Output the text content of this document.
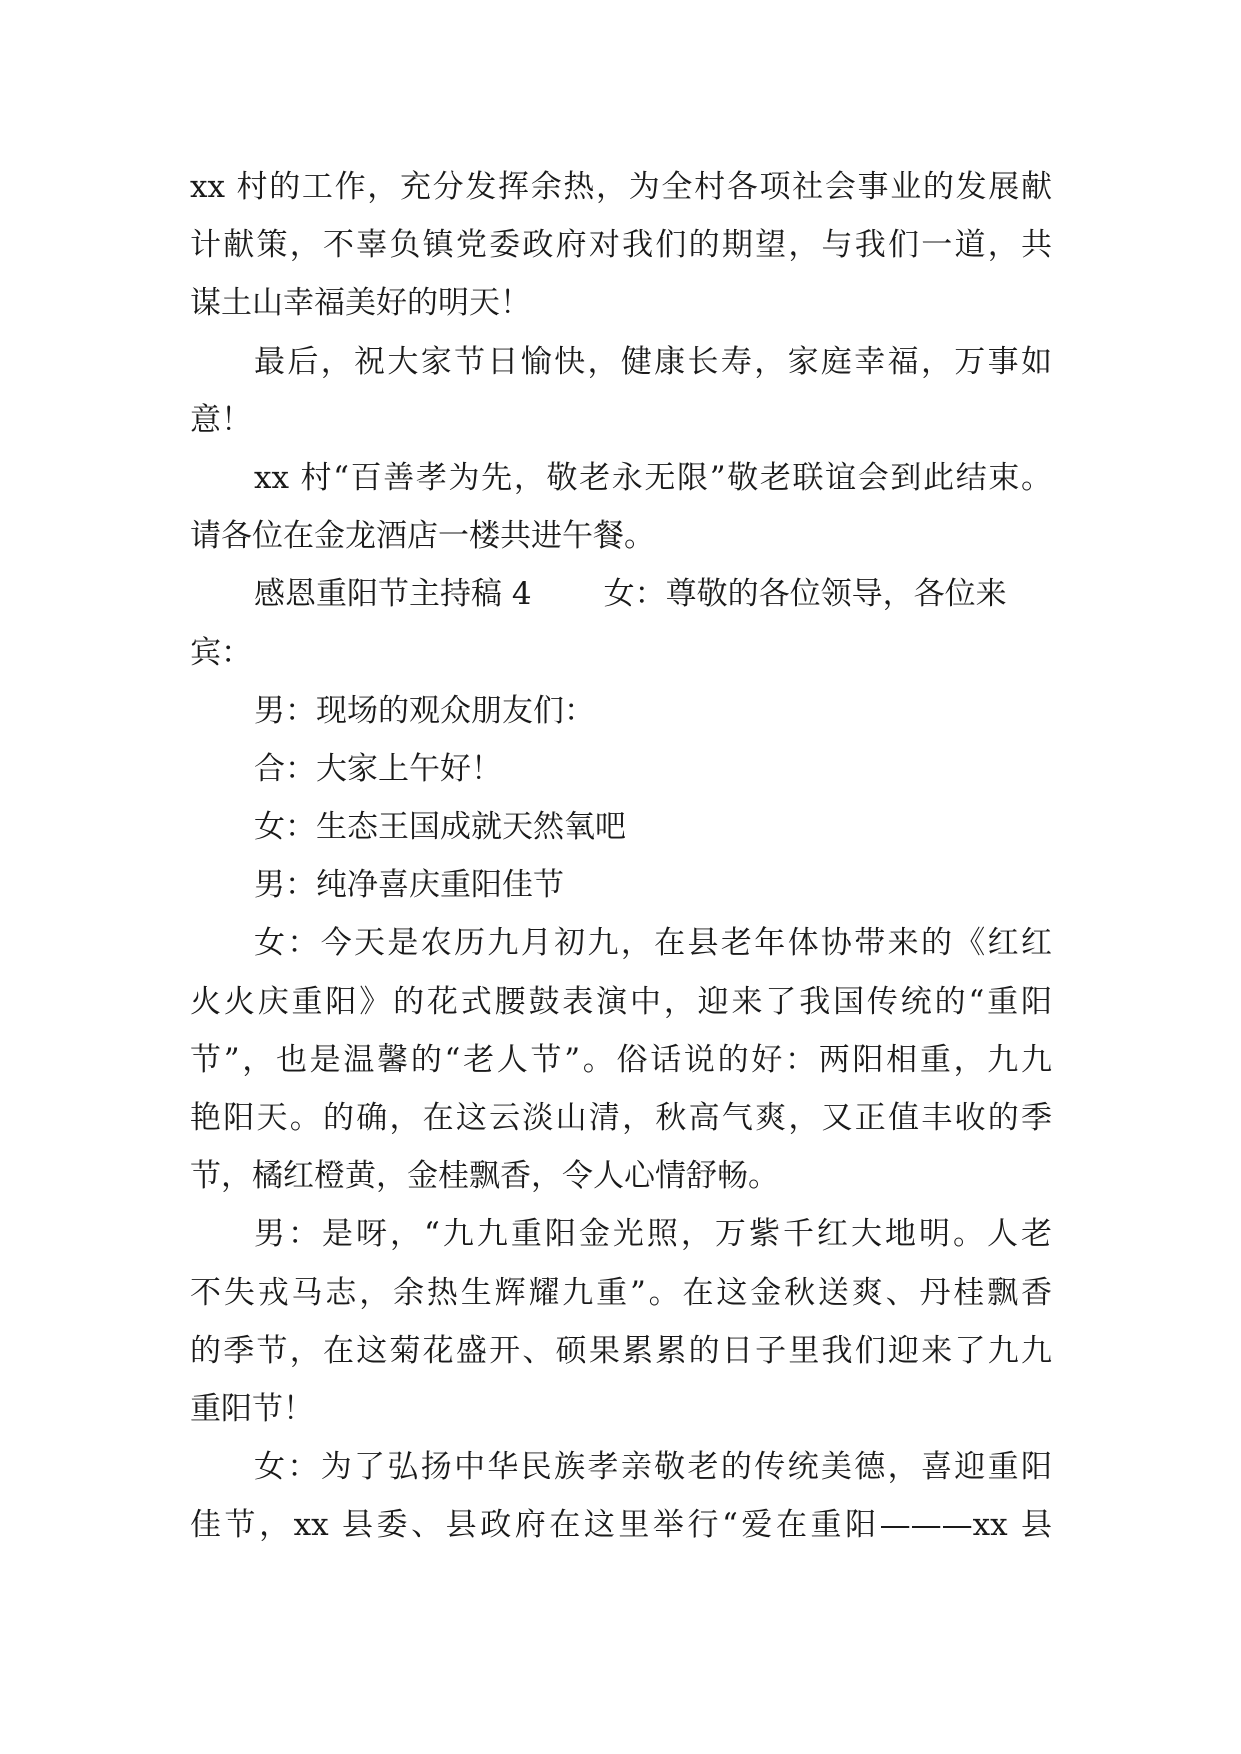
xx 村的工作，充分发挥余热，为全村各项社会事业的发展献
计献策，不辜负镇党委政府对我们的期望，与我们一道，共
谋土山幸福美好的明天！
最后，祝大家节日愉快，健康长寿，家庭幸福，万事如
意！
xx 村“百善孝为先，敬老永无限”敬老联谊会到此结束。
请各位在金龙酒店一楼共进午餐。
感恩重阳节主持稿 4 女：尊敬的各位领导，各位来
宾：
男：现场的观众朋友们：
合：大家上午好！
女：生态王国成就天然氧吧
男：纯净喜庆重阳佳节
女：今天是农历九月初九，在县老年体协带来的《红红
火火庆重阳》的花式腰鼓表演中，迎来了我国传统的“重阳
节”，也是温馨的“老人节”。俗话说的好：两阳相重，九九
艳阳天。的确，在这云淡山清，秋高气爽，又正值丰收的季
节，橘红橙黄，金桂飘香，令人心情舒畅。
男：是呀，“九九重阳金光照，万紫千红大地明。人老
不失戎马志，余热生辉耀九重”。在这金秋送爽、丹桂飘香
的季节，在这菊花盛开、硕果累累的日子里我们迎来了九九
重阳节！
女：为了弘扬中华民族孝亲敬老的传统美德，喜迎重阳
佳节，xx 县委、县政府在这里举行“爱在重阳———xx 县
